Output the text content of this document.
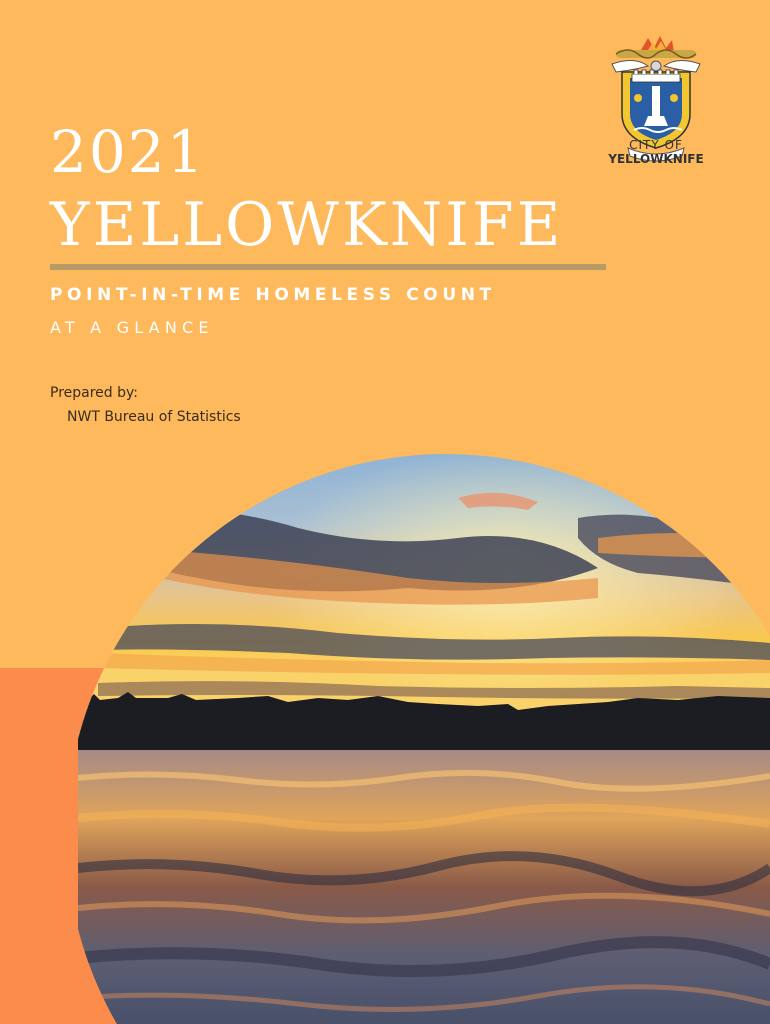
2021
YELLOWKNIFE
POINT-IN-TIME HOMELESS COUNT
AT A GLANCE
Prepared by:
NWT Bureau of Statistics
CITY OF
YELLOWKNIFE
